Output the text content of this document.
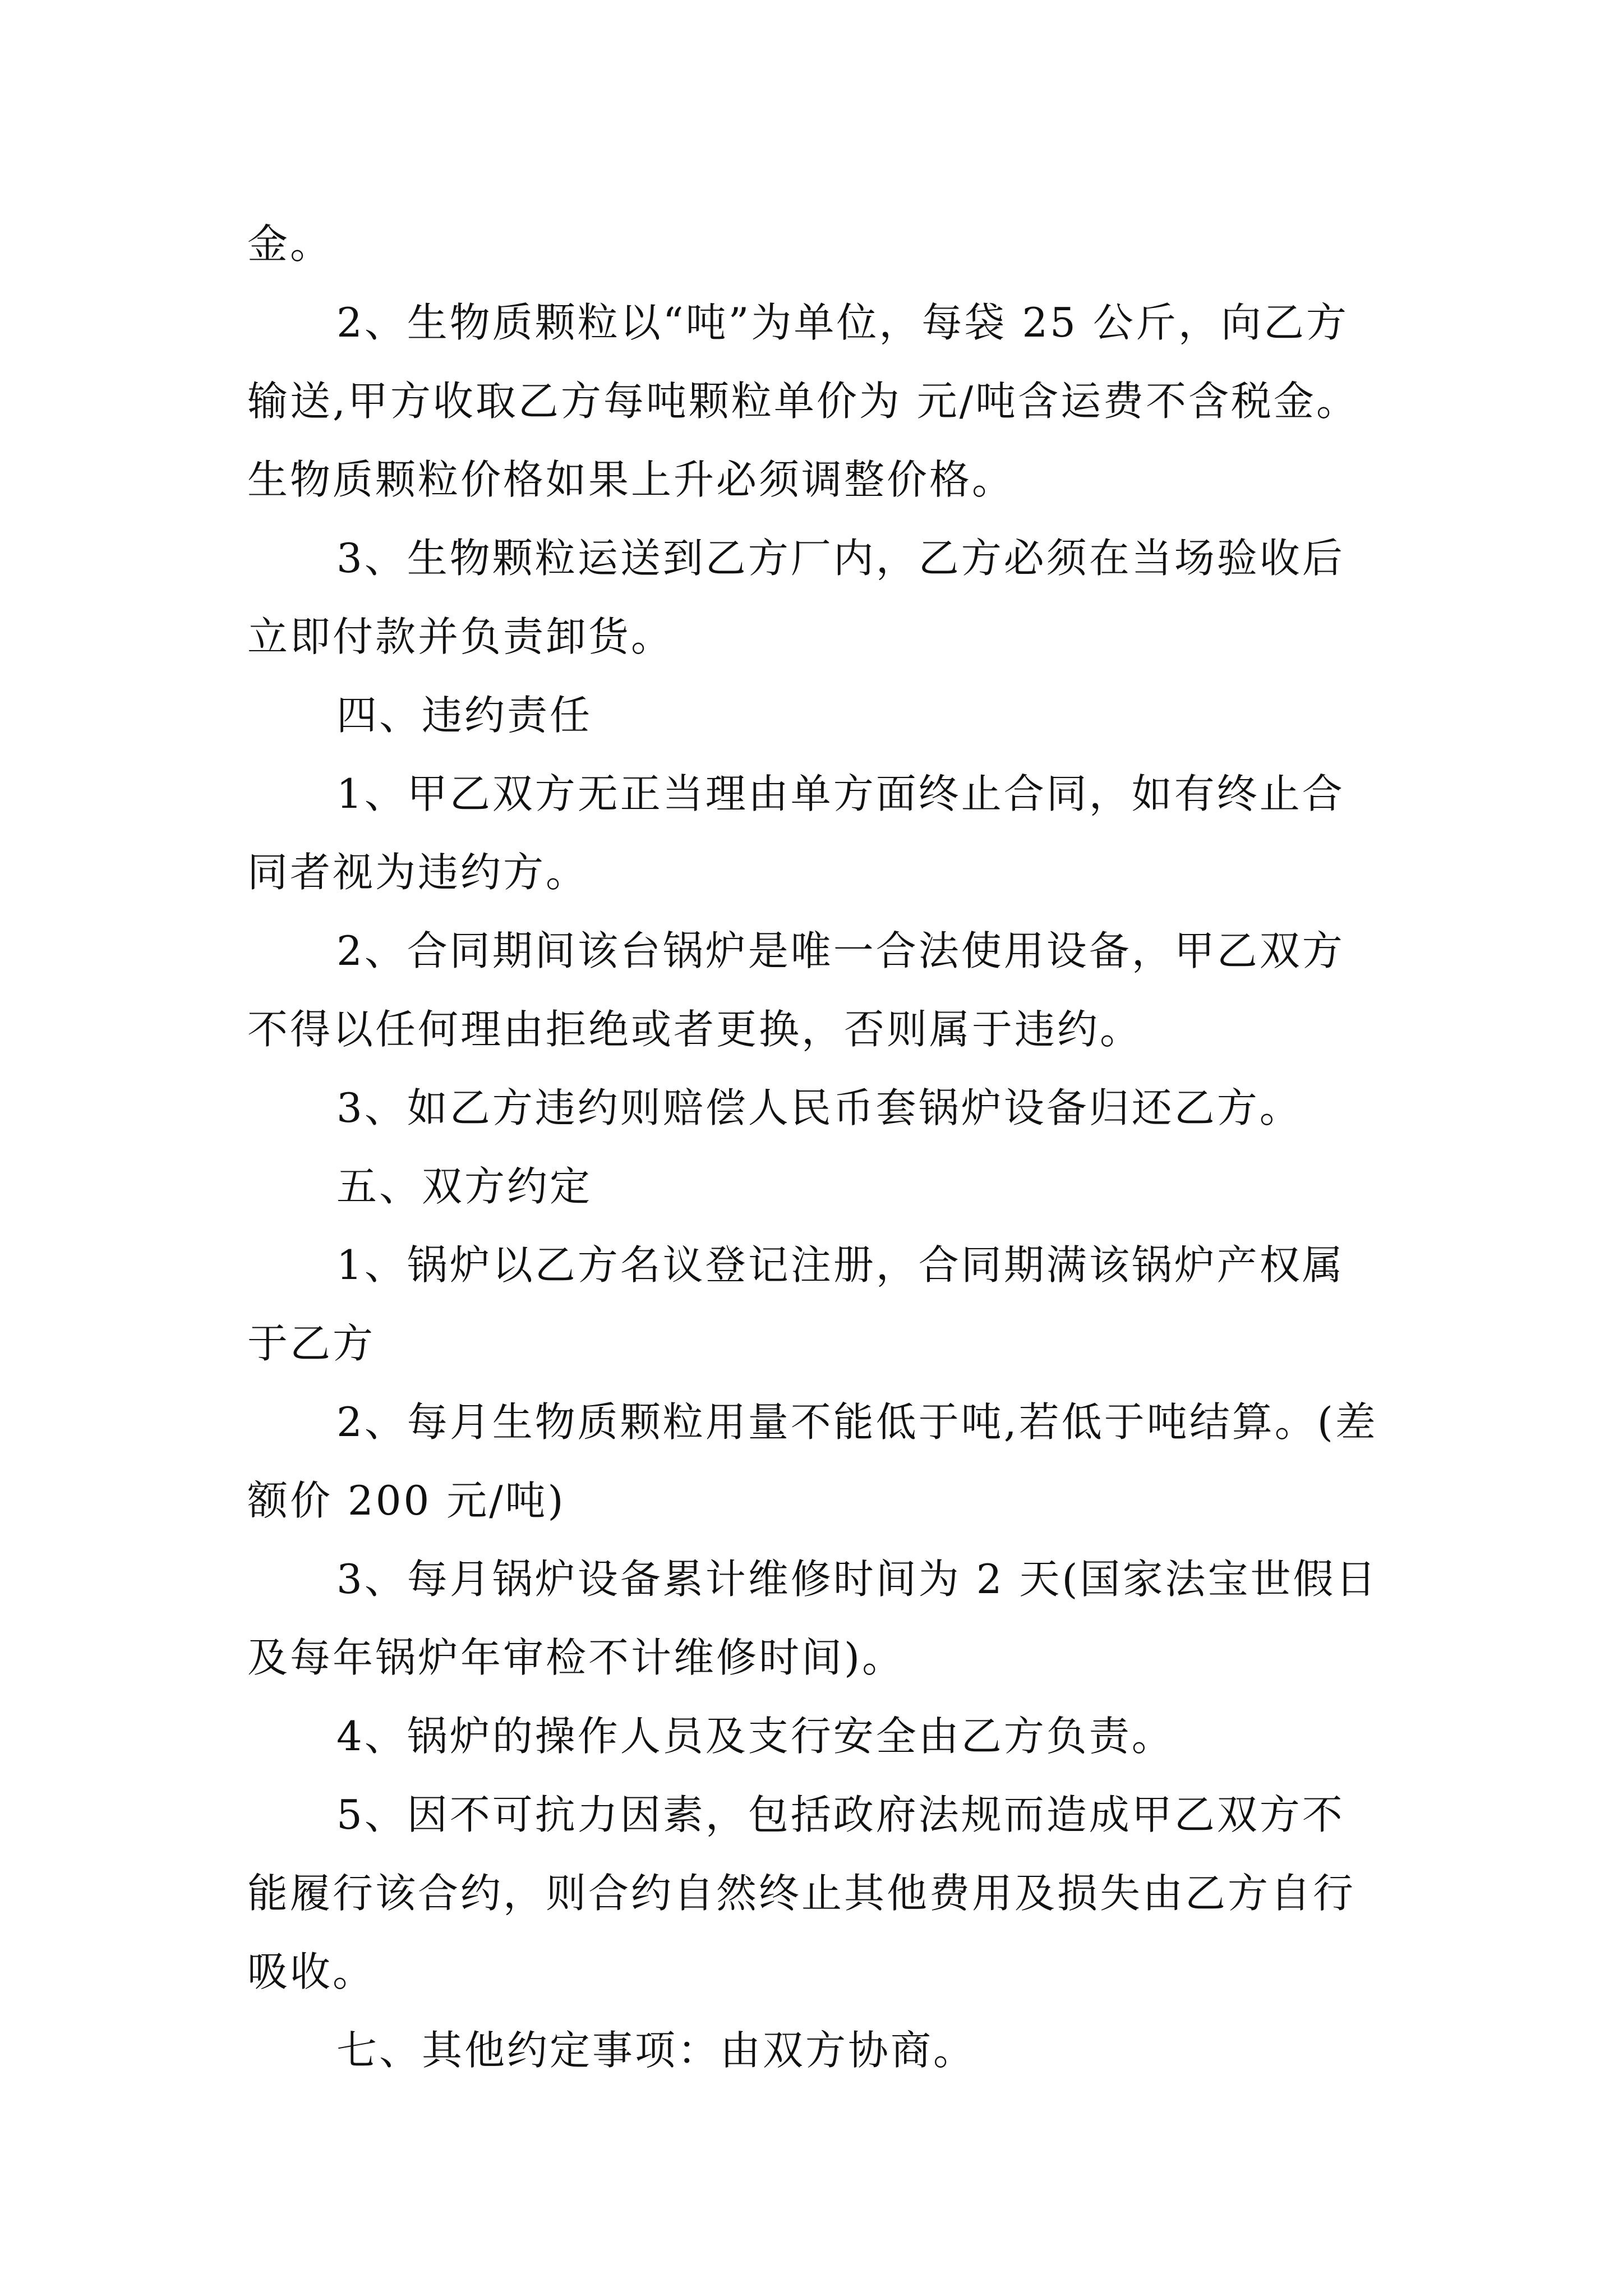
金。
2、生物质颗粒以“吨”为单位，每袋 25 公斤，向乙方
输送,甲方收取乙方每吨颗粒单价为 元/吨含运费不含税金。
生物质颗粒价格如果上升必须调整价格。
3、生物颗粒运送到乙方厂内，乙方必须在当场验收后
立即付款并负责卸货。
四、违约责任
1、甲乙双方无正当理由单方面终止合同，如有终止合
同者视为违约方。
2、合同期间该台锅炉是唯一合法使用设备，甲乙双方
不得以任何理由拒绝或者更换，否则属于违约。
3、如乙方违约则赔偿人民币套锅炉设备归还乙方。
五、双方约定
1、锅炉以乙方名议登记注册，合同期满该锅炉产权属
于乙方
2、每月生物质颗粒用量不能低于吨,若低于吨结算。(差
额价 200 元/吨)
3、每月锅炉设备累计维修时间为 2 天(国家法宝世假日
及每年锅炉年审检不计维修时间)。
4、锅炉的操作人员及支行安全由乙方负责。
5、因不可抗力因素，包括政府法规而造成甲乙双方不
能履行该合约，则合约自然终止其他费用及损失由乙方自行
吸收。
七、其他约定事项：由双方协商。
